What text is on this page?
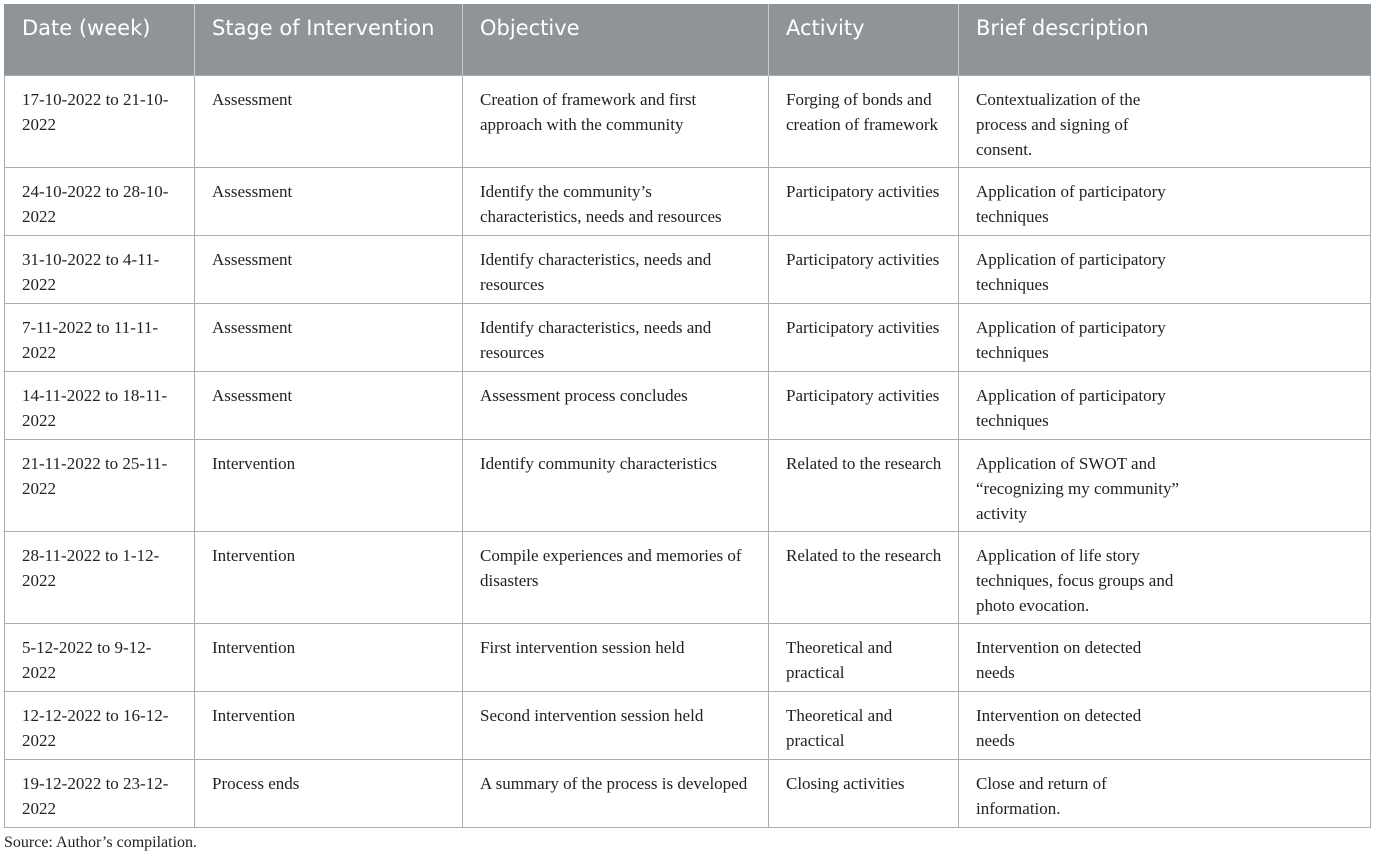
Date (week)	Stage of Intervention	Objective	Activity	Brief description
17-10-2022 to 21-10-2022	Assessment	Creation of framework and first approach with the community	Forging of bonds and creation of framework	Contextualization of the process and signing of consent.
24-10-2022 to 28-10-2022	Assessment	Identify the community’s characteristics, needs and resources	Participatory activities	Application of participatory techniques
31-10-2022 to 4-11-2022	Assessment	Identify characteristics, needs and resources	Participatory activities	Application of participatory techniques
7-11-2022 to 11-11-2022	Assessment	Identify characteristics, needs and resources	Participatory activities	Application of participatory techniques
14-11-2022 to 18-11-2022	Assessment	Assessment process concludes	Participatory activities	Application of participatory techniques
21-11-2022 to 25-11-2022	Intervention	Identify community characteristics	Related to the research	Application of SWOT and “recognizing my community” activity
28-11-2022 to 1-12-2022	Intervention	Compile experiences and memories of disasters	Related to the research	Application of life story techniques, focus groups and photo evocation.
5-12-2022 to 9-12-2022	Intervention	First intervention session held	Theoretical and practical	Intervention on detected needs
12-12-2022 to 16-12-2022	Intervention	Second intervention session held	Theoretical and practical	Intervention on detected needs
19-12-2022 to 23-12-2022	Process ends	A summary of the process is developed	Closing activities	Close and return of information.
Source: Author’s compilation.
